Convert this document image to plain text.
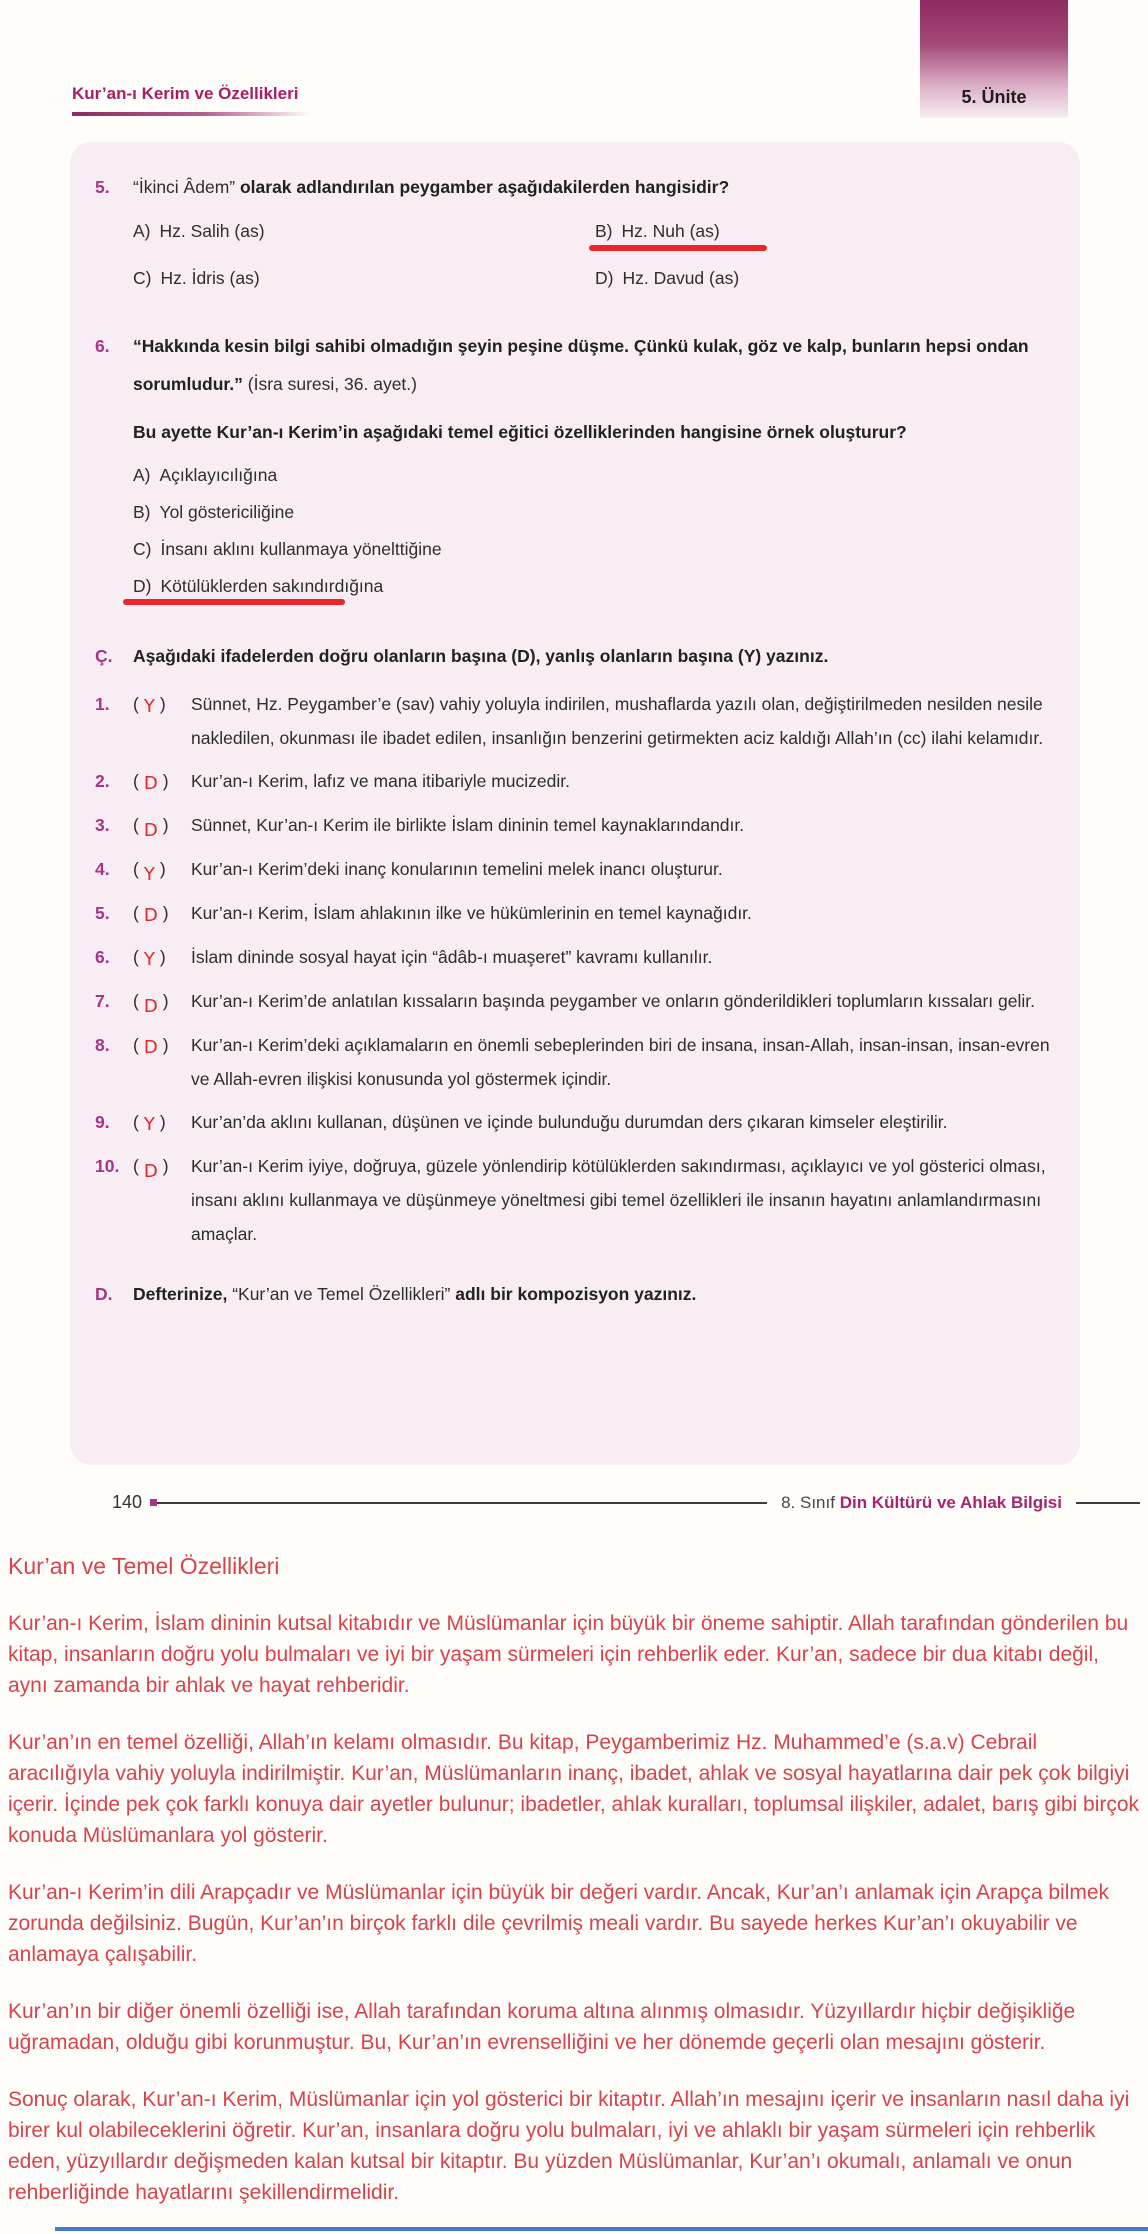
5. Ünite
Kur’an-ı Kerim ve Özellikleri
5.	“İkinci Âdem” olarak adlandırılan peygamber aşağıdakilerden hangisidir?
A) Hz. Salih (as)	B) Hz. Nuh (as)
C) Hz. İdris (as)	D) Hz. Davud (as)
6.	“Hakkında kesin bilgi sahibi olmadığın şeyin peşine düşme. Çünkü kulak, göz ve kalp, bunların hepsi ondan sorumludur.” (İsra suresi, 36. ayet.)
Bu ayette Kur’an-ı Kerim’in aşağıdaki temel eğitici özelliklerinden hangisine örnek oluşturur?
A) Açıklayıcılığına
B) Yol göstericiliğine
C) İnsanı aklını kullanmaya yönelttiğine
D) Kötülüklerden sakındırdığına
Ç.	Aşağıdaki ifadelerden doğru olanların başına (D), yanlış olanların başına (Y) yazınız.
1.	( Y )	Sünnet, Hz. Peygamber’e (sav) vahiy yoluyla indirilen, mushaflarda yazılı olan, değiştirilmeden nesilden nesile nakledilen, okunması ile ibadet edilen, insanlığın benzerini getirmekten aciz kaldığı Allah’ın (cc) ilahi kelamıdır.
2.	( D )	Kur’an-ı Kerim, lafız ve mana itibariyle mucizedir.
3.	( D )	Sünnet, Kur’an-ı Kerim ile birlikte İslam dininin temel kaynaklarındandır.
4.	( Y )	Kur’an-ı Kerim’deki inanç konularının temelini melek inancı oluşturur.
5.	( D )	Kur’an-ı Kerim, İslam ahlakının ilke ve hükümlerinin en temel kaynağıdır.
6.	( Y )	İslam dininde sosyal hayat için “âdâb-ı muaşeret” kavramı kullanılır.
7.	( D )	Kur’an-ı Kerim’de anlatılan kıssaların başında peygamber ve onların gönderildikleri toplumların kıssaları gelir.
8.	( D )	Kur’an-ı Kerim’deki açıklamaların en önemli sebeplerinden biri de insana, insan-Allah, insan-insan, insan-evren ve Allah-evren ilişkisi konusunda yol göstermek içindir.
9.	( Y )	Kur’an’da aklını kullanan, düşünen ve içinde bulunduğu durumdan ders çıkaran kimseler eleştirilir.
10. ( D )	Kur’an-ı Kerim iyiye, doğruya, güzele yönlendirip kötülüklerden sakındırması, açıklayıcı ve yol gösterici olması, insanı aklını kullanmaya ve düşünmeye yöneltmesi gibi temel özellikleri ile insanın hayatını anlamlandırmasını amaçlar.
D.	Defterinize, “Kur’an ve Temel Özellikleri” adlı bir kompozisyon yazınız.
140	8. Sınıf Din Kültürü ve Ahlak Bilgisi
Kur’an ve Temel Özellikleri

Kur’an-ı Kerim, İslam dininin kutsal kitabıdır ve Müslümanlar için büyük bir öneme sahiptir. Allah tarafından gönderilen bu kitap, insanların doğru yolu bulmaları ve iyi bir yaşam sürmeleri için rehberlik eder. Kur’an, sadece bir dua kitabı değil, aynı zamanda bir ahlak ve hayat rehberidir.

Kur’an’ın en temel özelliği, Allah’ın kelamı olmasıdır. Bu kitap, Peygamberimiz Hz. Muhammed’e (s.a.v) Cebrail aracılığıyla vahiy yoluyla indirilmiştir. Kur’an, Müslümanların inanç, ibadet, ahlak ve sosyal hayatlarına dair pek çok bilgiyi içerir. İçinde pek çok farklı konuya dair ayetler bulunur; ibadetler, ahlak kuralları, toplumsal ilişkiler, adalet, barış gibi birçok konuda Müslümanlara yol gösterir.

Kur’an-ı Kerim’in dili Arapçadır ve Müslümanlar için büyük bir değeri vardır. Ancak, Kur’an’ı anlamak için Arapça bilmek zorunda değilsiniz. Bugün, Kur’an’ın birçok farklı dile çevrilmiş meali vardır. Bu sayede herkes Kur’an’ı okuyabilir ve anlamaya çalışabilir.

Kur’an’ın bir diğer önemli özelliği ise, Allah tarafından koruma altına alınmış olmasıdır. Yüzyıllardır hiçbir değişikliğe uğramadan, olduğu gibi korunmuştur. Bu, Kur’an’ın evrenselliğini ve her dönemde geçerli olan mesajını gösterir.

Sonuç olarak, Kur’an-ı Kerim, Müslümanlar için yol gösterici bir kitaptır. Allah’ın mesajını içerir ve insanların nasıl daha iyi birer kul olabileceklerini öğretir. Kur’an, insanlara doğru yolu bulmaları, iyi ve ahlaklı bir yaşam sürmeleri için rehberlik eden, yüzyıllardır değişmeden kalan kutsal bir kitaptır. Bu yüzden Müslümanlar, Kur’an’ı okumalı, anlamalı ve onun rehberliğinde hayatlarını şekillendirmelidir.
